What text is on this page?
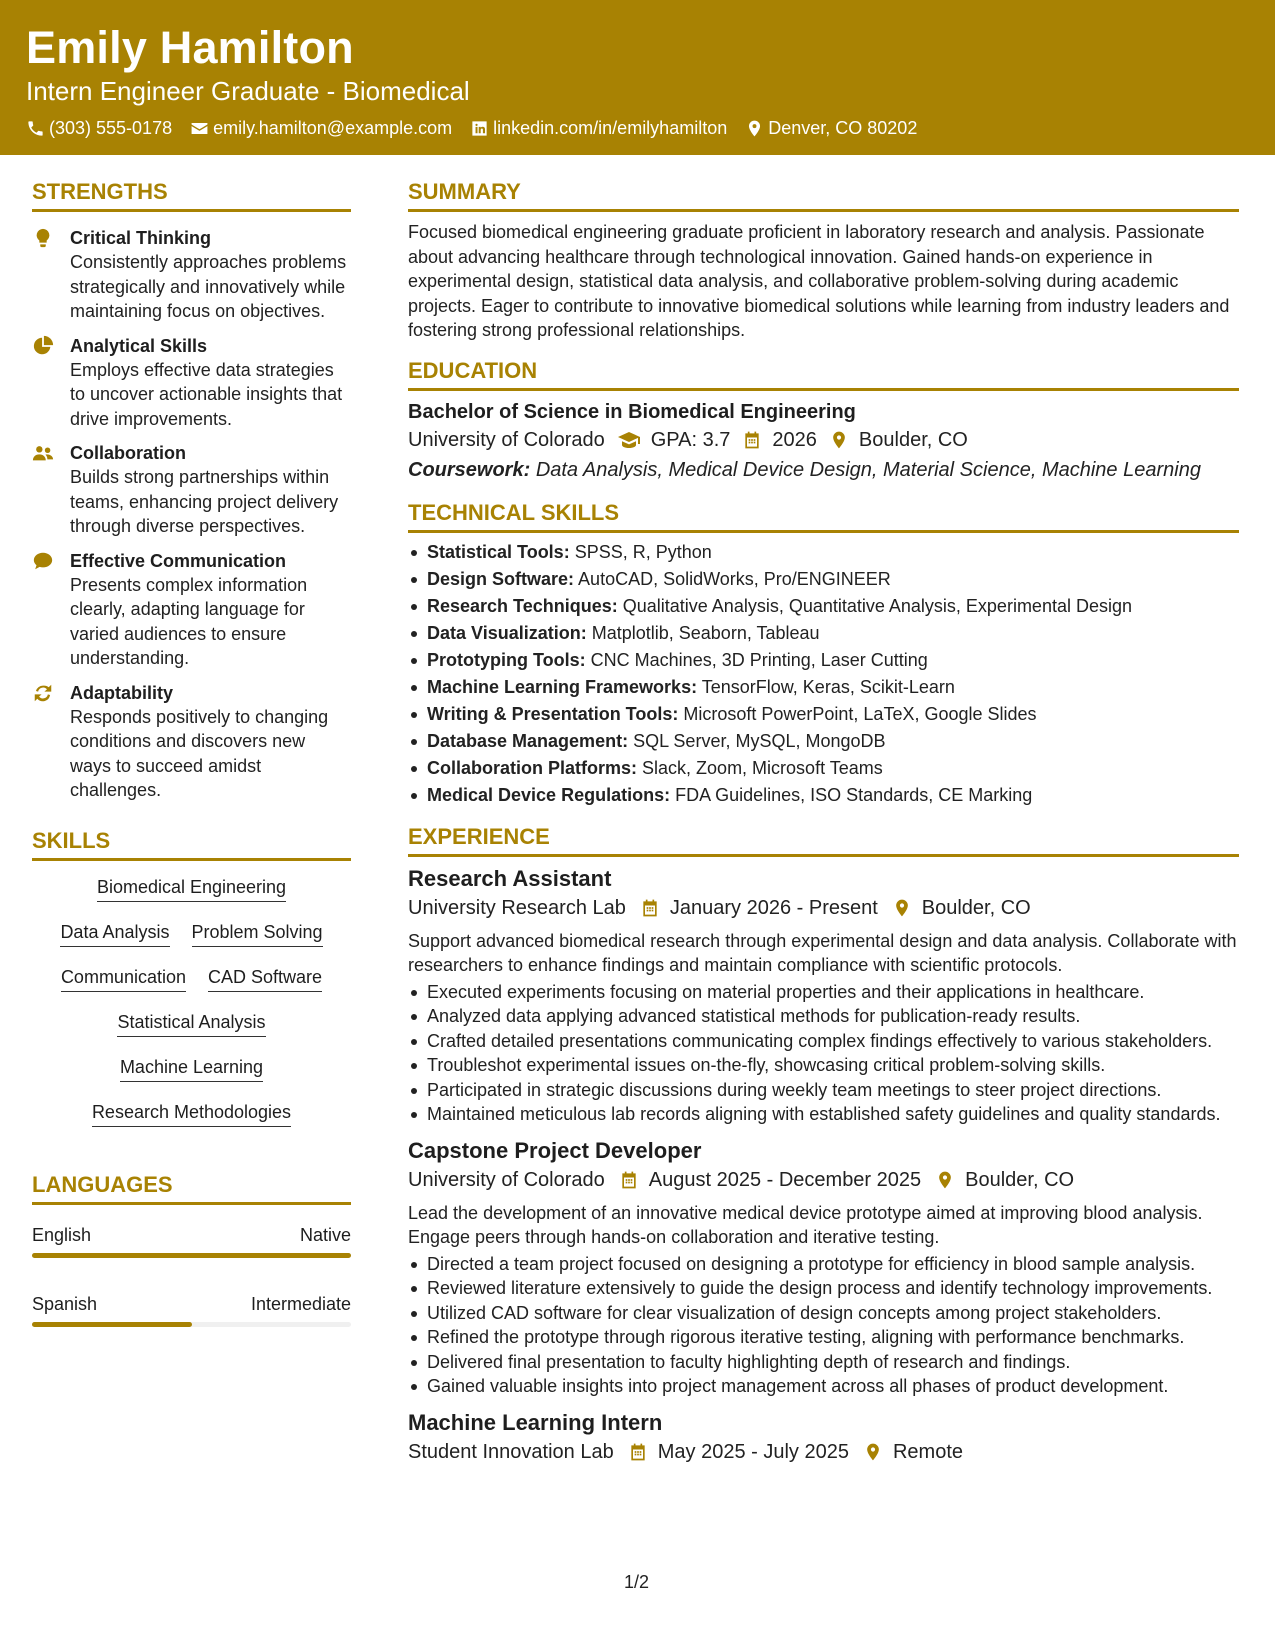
Emily Hamilton
Intern Engineer Graduate - Biomedical
(303) 555-0178 emily.hamilton@example.com linkedin.com/in/emilyhamilton Denver, CO 80202
STRENGTHS
Critical Thinking
Consistently approaches problems strategically and innovatively while maintaining focus on objectives.
Analytical Skills
Employs effective data strategies to uncover actionable insights that drive improvements.
Collaboration
Builds strong partnerships within teams, enhancing project delivery through diverse perspectives.
Effective Communication
Presents complex information clearly, adapting language for varied audiences to ensure understanding.
Adaptability
Responds positively to changing conditions and discovers new ways to succeed amidst challenges.
SKILLS
Biomedical Engineering
Data Analysis Problem Solving
Communication CAD Software
Statistical Analysis
Machine Learning
Research Methodologies
LANGUAGES
English	Native
Spanish	Intermediate
SUMMARY
Focused biomedical engineering graduate proficient in laboratory research and analysis. Passionate about advancing healthcare through technological innovation. Gained hands-on experience in experimental design, statistical data analysis, and collaborative problem-solving during academic projects. Eager to contribute to innovative biomedical solutions while learning from industry leaders and fostering strong professional relationships.
EDUCATION
Bachelor of Science in Biomedical Engineering
University of Colorado GPA: 3.7 2026 Boulder, CO
Coursework: Data Analysis, Medical Device Design, Material Science, Machine Learning
TECHNICAL SKILLS
Statistical Tools: SPSS, R, Python
Design Software: AutoCAD, SolidWorks, Pro/ENGINEER
Research Techniques: Qualitative Analysis, Quantitative Analysis, Experimental Design
Data Visualization: Matplotlib, Seaborn, Tableau
Prototyping Tools: CNC Machines, 3D Printing, Laser Cutting
Machine Learning Frameworks: TensorFlow, Keras, Scikit-Learn
Writing & Presentation Tools: Microsoft PowerPoint, LaTeX, Google Slides
Database Management: SQL Server, MySQL, MongoDB
Collaboration Platforms: Slack, Zoom, Microsoft Teams
Medical Device Regulations: FDA Guidelines, ISO Standards, CE Marking
EXPERIENCE
Research Assistant
University Research Lab January 2026 - Present Boulder, CO
Support advanced biomedical research through experimental design and data analysis. Collaborate with researchers to enhance findings and maintain compliance with scientific protocols.
Executed experiments focusing on material properties and their applications in healthcare.
Analyzed data applying advanced statistical methods for publication-ready results.
Crafted detailed presentations communicating complex findings effectively to various stakeholders.
Troubleshot experimental issues on-the-fly, showcasing critical problem-solving skills.
Participated in strategic discussions during weekly team meetings to steer project directions.
Maintained meticulous lab records aligning with established safety guidelines and quality standards.
Capstone Project Developer
University of Colorado August 2025 - December 2025 Boulder, CO
Lead the development of an innovative medical device prototype aimed at improving blood analysis. Engage peers through hands-on collaboration and iterative testing.
Directed a team project focused on designing a prototype for efficiency in blood sample analysis.
Reviewed literature extensively to guide the design process and identify technology improvements.
Utilized CAD software for clear visualization of design concepts among project stakeholders.
Refined the prototype through rigorous iterative testing, aligning with performance benchmarks.
Delivered final presentation to faculty highlighting depth of research and findings.
Gained valuable insights into project management across all phases of product development.
Machine Learning Intern
Student Innovation Lab May 2025 - July 2025 Remote
1/2
